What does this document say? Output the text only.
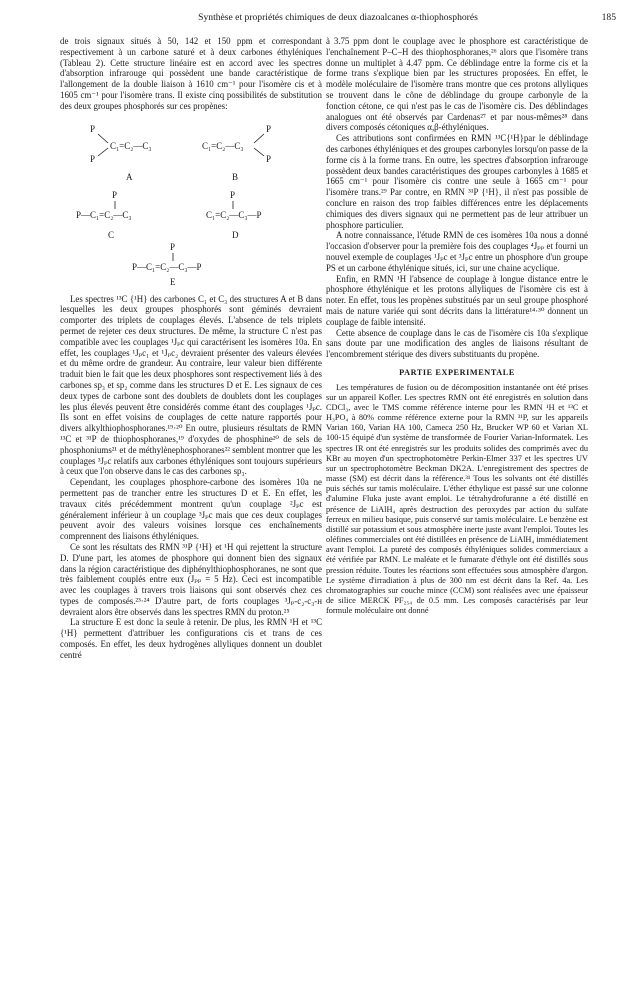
Synthèse et propriétés chimiques de deux diazoalcanes α-thiophosphorés	185

de trois signaux situés à 50, 142 et 150 ppm et correspondant respectivement à un carbone saturé et à deux carbones éthyléniques (Tableau 2). Cette structure linéaire est en accord avec les spectres d'absorption infrarouge qui possèdent une bande caractéristique de l'allongement de la double liaison à 1610 cm⁻¹ pour l'isomère cis et à 1605 cm⁻¹ pour l'isomère trans. Il existe cinq possibilités de substitution des deux groupes phosphorés sur ces propènes:

P
P
C₁=C₂—C₃
A
C₁=C₂—C₃
P
P
B
P
P—C₁=C₂—C₃
C
P
C₁=C₂—C₃—P
D
P
P—C₁=C₂—C₃—P
E

Les spectres ¹³C {¹H} des carbones C₁ et C₃ des structures A et B dans lesquelles les deux groupes phosphorés sont géminés devraient comporter des triplets de couplages élevés. L'absence de tels triplets permet de rejeter ces deux structures. De même, la structure C n'est pas compatible avec les couplages ¹Jₚc qui caractérisent les isomères 10a. En effet, les couplages ¹Jₚc₁ et ¹Jₚc₂ devraient présenter des valeurs élevées et du même ordre de grandeur. Au contraire, leur valeur bien différente traduit bien le fait que les deux phosphores sont respectivement liés à des carbones sp₃ et sp₂ comme dans les structures D et E. Les signaux de ces deux types de carbone sont des doublets de doublets dont les couplages les plus élevés peuvent être considérés comme étant des couplages ¹Jₚc. Ils sont en effet voisins de couplages de cette nature rapportés pour divers alkylthiophosphoranes.¹⁹·²⁰ En outre, plusieurs résultats de RMN ¹³C et ³¹P de thiophosphoranes,¹⁹ d'oxydes de phosphine²⁰ de sels de phosphoniums²¹ et de méthylènephosphoranes²² semblent montrer que les couplages ³Jₚc relatifs aux carbones éthyléniques sont toujours supérieurs à ceux que l'on observe dans le cas des carbones sp₃.

Cependant, les couplages phosphore-carbone des isomères 10a ne permettent pas de trancher entre les structures D et E. En effet, les travaux cités précédemment montrent qu'un couplage ²Jₚc est généralement inférieur à un couplage ³Jₚc mais que ces deux couplages peuvent avoir des valeurs voisines lorsque ces enchaînements comprennent des liaisons éthyléniques.

Ce sont les résultats des RMN ³¹P {¹H} et ¹H qui rejettent la structure D. D'une part, les atomes de phosphore qui donnent bien des signaux dans la région caractéristique des diphénylthiophosphoranes, ne sont que très faiblement couplés entre eux (Jₚₚ = 5 Hz). Ceci est incompatible avec les couplages à travers trois liaisons qui sont observés chez ces types de composés.²³·²⁴ D'autre part, de forts couplages ³Jₚ-c₂-c₃-н devraient alors être observés dans les spectres RMN du proton.²⁵

La structure E est donc la seule à retenir. De plus, les RMN ¹H et ¹³C {¹H} permettent d'attribuer les configurations cis et trans de ces composés. En effet, les deux hydrogènes allyliques donnent un doublet centré

à 3.75 ppm dont le couplage avec le phosphore est caractéristique de l'enchaînement P–C–H des thiophosphoranes,²⁶ alors que l'isomère trans donne un multiplet à 4.47 ppm. Ce déblindage entre la forme cis et la forme trans s'explique bien par les structures proposées. En effet, le modèle moléculaire de l'isomère trans montre que ces protons allyliques se trouvent dans le cône de déblindage du groupe carbonyle de la fonction cétone, ce qui n'est pas le cas de l'isomère cis. Des déblindages analogues ont été observés par Cardenas²⁷ et par nous-mêmes²⁸ dans divers composés cétoniques α,β-éthyléniques.

Ces attributions sont confirmées en RMN ¹³C{¹H}par le déblindage des carbones éthyléniques et des groupes carbonyles lorsqu'on passe de la forme cis à la forme trans. En outre, les spectres d'absorption infrarouge possèdent deux bandes caractéristiques des groupes carbonyles à 1685 et 1665 cm⁻¹ pour l'isomère cis contre une seule à 1665 cm⁻¹ pour l'isomère trans.²⁹ Par contre, en RMN ³¹P {¹H}, il n'est pas possible de conclure en raison des trop faibles différences entre les déplacements chimiques des divers signaux qui ne permettent pas de leur attribuer un phosphore particulier.

A notre connaissance, l'étude RMN de ces isomères 10a nous a donné l'occasion d'observer pour la première fois des couplages ⁴Jₚₚ et fourni un nouvel exemple de couplages ¹Jₚc et ³Jₚc entre un phosphore d'un groupe PS et un carbone éthylénique situés, ici, sur une chaine acyclique.

Enfin, en RMN ¹H l'absence de couplage à longue distance entre le phosphore éthylénique et les protons allyliques de l'isomère cis est à noter. En effet, tous les propènes substitués par un seul groupe phosphoré mais de nature variée qui sont décrits dans la littérature¹⁴·³⁰ donnent un couplage de faible intensité.

Cette absence de couplage dans le cas de l'isomère cis 10a s'explique sans doute par une modification des angles de liaisons résultant de l'encombrement stérique des divers substituants du propène.

PARTIE EXPERIMENTALE

Les températures de fusion ou de décomposition instantanée ont été prises sur un appareil Kofler. Les spectres RMN ont été enregistrés en solution dans CDCl₃, avec le TMS comme référence interne pour les RMN ¹H et ¹³C et H₃PO₄ à 80% comme référence externe pour la RMN ³¹P, sur les appareils Varian 160, Varian HA 100, Cameca 250 Hz, Brucker WP 60 et Varian XL 100-15 équipé d'un système de transformée de Fourier Varian-Informatek. Les spectres IR ont été enregistrés sur les produits solides des comprimés avec du KBr au moyen d'un spectrophotomètre Perkin-Elmer 337 et les spectres UV sur un spectrophotomètre Beckman DK2A. L'enregistrement des spectres de masse (SM) est décrit dans la référence.³¹ Tous les solvants ont été distillés puis séchés sur tamis moléculaire. L'éther éthylique est passé sur une colonne d'alumine Fluka juste avant emploi. Le tétrahydrofuranne a été distillé en présence de LiAlH₄ après destruction des peroxydes par action du sulfate ferreux en milieu basique, puis conservé sur tamis moléculaire. Le benzène est distillé sur potassium et sous atmosphère inerte juste avant l'emploi. Toutes les oléfines commerciales ont été distillées en présence de LiAlH₄ immédiatement avant l'emploi. La pureté des composés éthyléniques solides commerciaux a été vérifiée par RMN. Le maléate et le fumarate d'éthyle ont été distillés sous pression réduite. Toutes les réactions sont effectuées sous atmosphère d'argon. Le système d'irradiation à plus de 300 nm est décrit dans la Ref. 4a. Les chromatographies sur couche mince (CCM) sont réalisées avec une épaisseur de silice MERCK PF₂₅₄ de 0.5 mm. Les composés caractérisés par leur formule moléculaire ont donné
